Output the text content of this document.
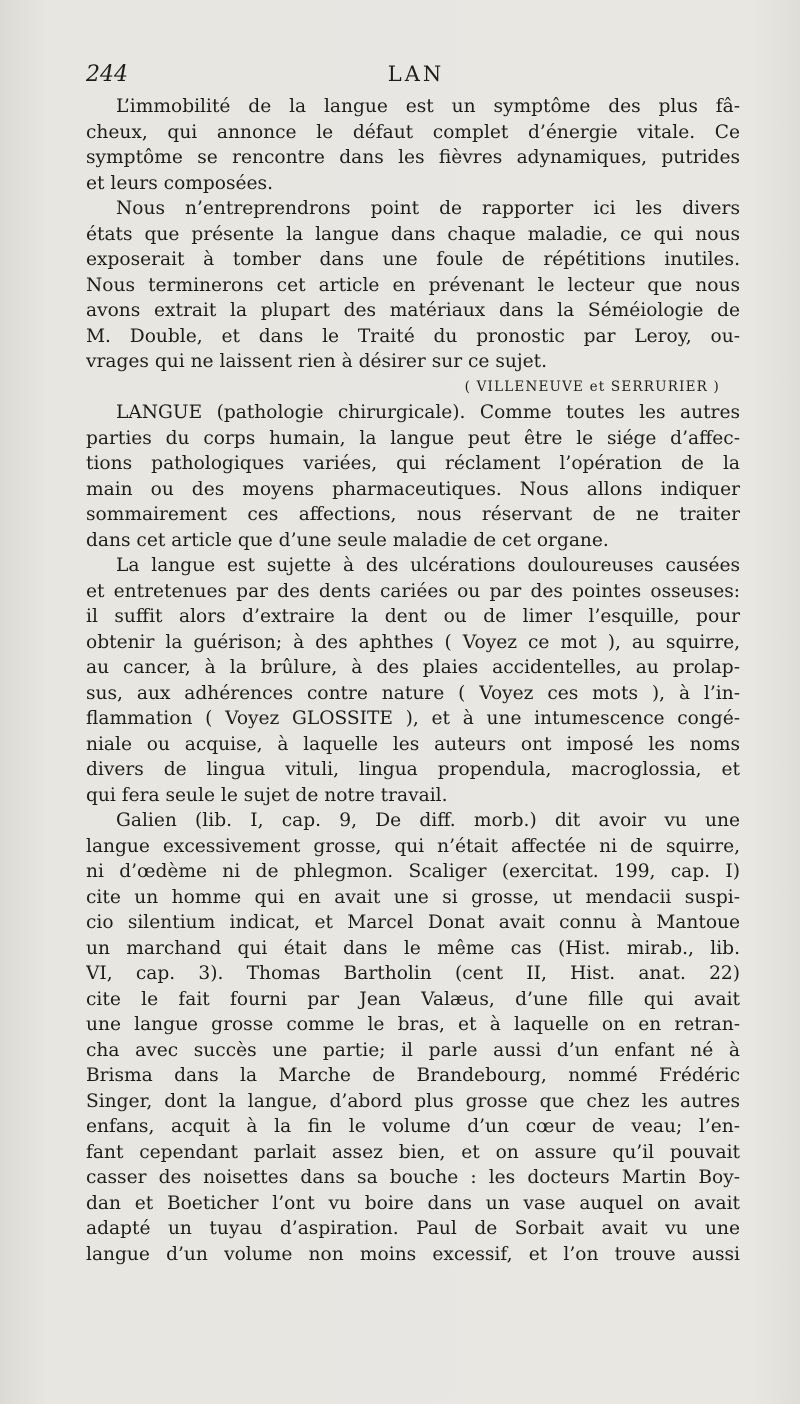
244	LAN
L’immobilité de la langue est un symptôme des plus fâ-
cheux, qui annonce le défaut complet d’énergie vitale. Ce
symptôme se rencontre dans les fièvres adynamiques, putrides
et leurs composées.
Nous n’entreprendrons point de rapporter ici les divers
états que présente la langue dans chaque maladie, ce qui nous
exposerait à tomber dans une foule de répétitions inutiles.
Nous terminerons cet article en prévenant le lecteur que nous
avons extrait la plupart des matériaux dans la Séméiologie de
M. Double, et dans le Traité du pronostic par Leroy, ou-
vrages qui ne laissent rien à désirer sur ce sujet.
( VILLENEUVE et SERRURIER )
LANGUE (pathologie chirurgicale). Comme toutes les autres
parties du corps humain, la langue peut être le siége d’affec-
tions pathologiques variées, qui réclament l’opération de la
main ou des moyens pharmaceutiques. Nous allons indiquer
sommairement ces affections, nous réservant de ne traiter
dans cet article que d’une seule maladie de cet organe.
La langue est sujette à des ulcérations douloureuses causées
et entretenues par des dents cariées ou par des pointes osseuses:
il suffit alors d’extraire la dent ou de limer l’esquille, pour
obtenir la guérison; à des aphthes ( Voyez ce mot ), au squirre,
au cancer, à la brûlure, à des plaies accidentelles, au prolap-
sus, aux adhérences contre nature ( Voyez ces mots ), à l’in-
flammation ( Voyez GLOSSITE ), et à une intumescence congé-
niale ou acquise, à laquelle les auteurs ont imposé les noms
divers de lingua vituli, lingua propendula, macroglossia, et
qui fera seule le sujet de notre travail.
Galien (lib. I, cap. 9, De diff. morb.) dit avoir vu une
langue excessivement grosse, qui n’était affectée ni de squirre,
ni d’œdème ni de phlegmon. Scaliger (exercitat. 199, cap. I)
cite un homme qui en avait une si grosse, ut mendacii suspi-
cio silentium indicat, et Marcel Donat avait connu à Mantoue
un marchand qui était dans le même cas (Hist. mirab., lib.
VI, cap. 3). Thomas Bartholin (cent II, Hist. anat. 22)
cite le fait fourni par Jean Valæus, d’une fille qui avait
une langue grosse comme le bras, et à laquelle on en retran-
cha avec succès une partie; il parle aussi d’un enfant né à
Brisma dans la Marche de Brandebourg, nommé Frédéric
Singer, dont la langue, d’abord plus grosse que chez les autres
enfans, acquit à la fin le volume d’un cœur de veau; l’en-
fant cependant parlait assez bien, et on assure qu’il pouvait
casser des noisettes dans sa bouche : les docteurs Martin Boy-
dan et Boeticher l’ont vu boire dans un vase auquel on avait
adapté un tuyau d’aspiration. Paul de Sorbait avait vu une
langue d’un volume non moins excessif, et l’on trouve aussi
